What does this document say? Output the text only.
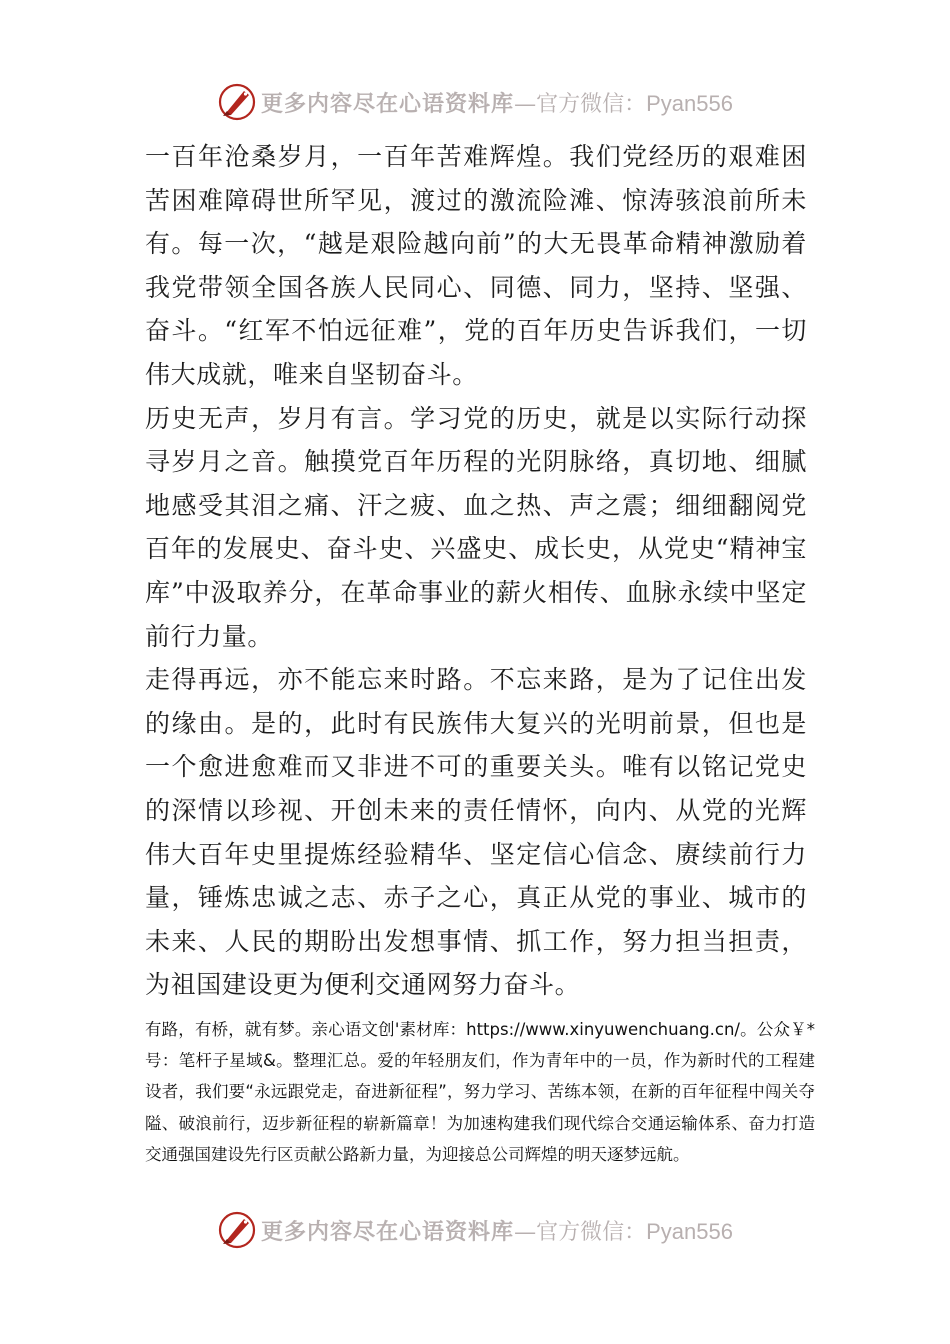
更多内容尽在心语资料库 —官方微信： Pyan556

一百年沧桑岁月，一百年苦难辉煌。我们党经历的艰难困苦困难障碍世所罕见，渡过的激流险滩、惊涛骇浪前所未有。每一次，“越是艰险越向前”的大无畏革命精神激励着我党带领全国各族人民同心、同德、同力，坚持、坚强、奋斗。“红军不怕远征难”，党的百年历史告诉我们，一切伟大成就，唯来自坚韧奋斗。

历史无声，岁月有言。学习党的历史，就是以实际行动探寻岁月之音。触摸党百年历程的光阴脉络，真切地、细腻地感受其泪之痛、汗之疲、血之热、声之震；细细翻阅党百年的发展史、奋斗史、兴盛史、成长史，从党史“精神宝库”中汲取养分，在革命事业的薪火相传、血脉永续中坚定前行力量。

走得再远，亦不能忘来时路。不忘来路，是为了记住出发的缘由。是的，此时有民族伟大复兴的光明前景，但也是一个愈进愈难而又非进不可的重要关头。唯有以铭记党史的深情以珍视、开创未来的责任情怀，向内、从党的光辉伟大百年史里提炼经验精华、坚定信心信念、赓续前行力量，锤炼忠诚之志、赤子之心，真正从党的事业、城市的未来、人民的期盼出发想事情、抓工作，努力担当担责，为祖国建设更为便利交通网努力奋斗。

有路，有桥，就有梦。亲心语文创'素材库：https://www.xinyuwenchuang.cn/。公众￥*号：笔杆子星域&。整理汇总。爱的年轻朋友们，作为青年中的一员，作为新时代的工程建设者，我们要“永远跟党走，奋进新征程”，努力学习、苦练本领，在新的百年征程中闯关夺隘、破浪前行，迈步新征程的崭新篇章！为加速构建我们现代综合交通运输体系、奋力打造交通强国建设先行区贡献公路新力量，为迎接总公司辉煌的明天逐梦远航。

更多内容尽在心语资料库 —官方微信： Pyan556
